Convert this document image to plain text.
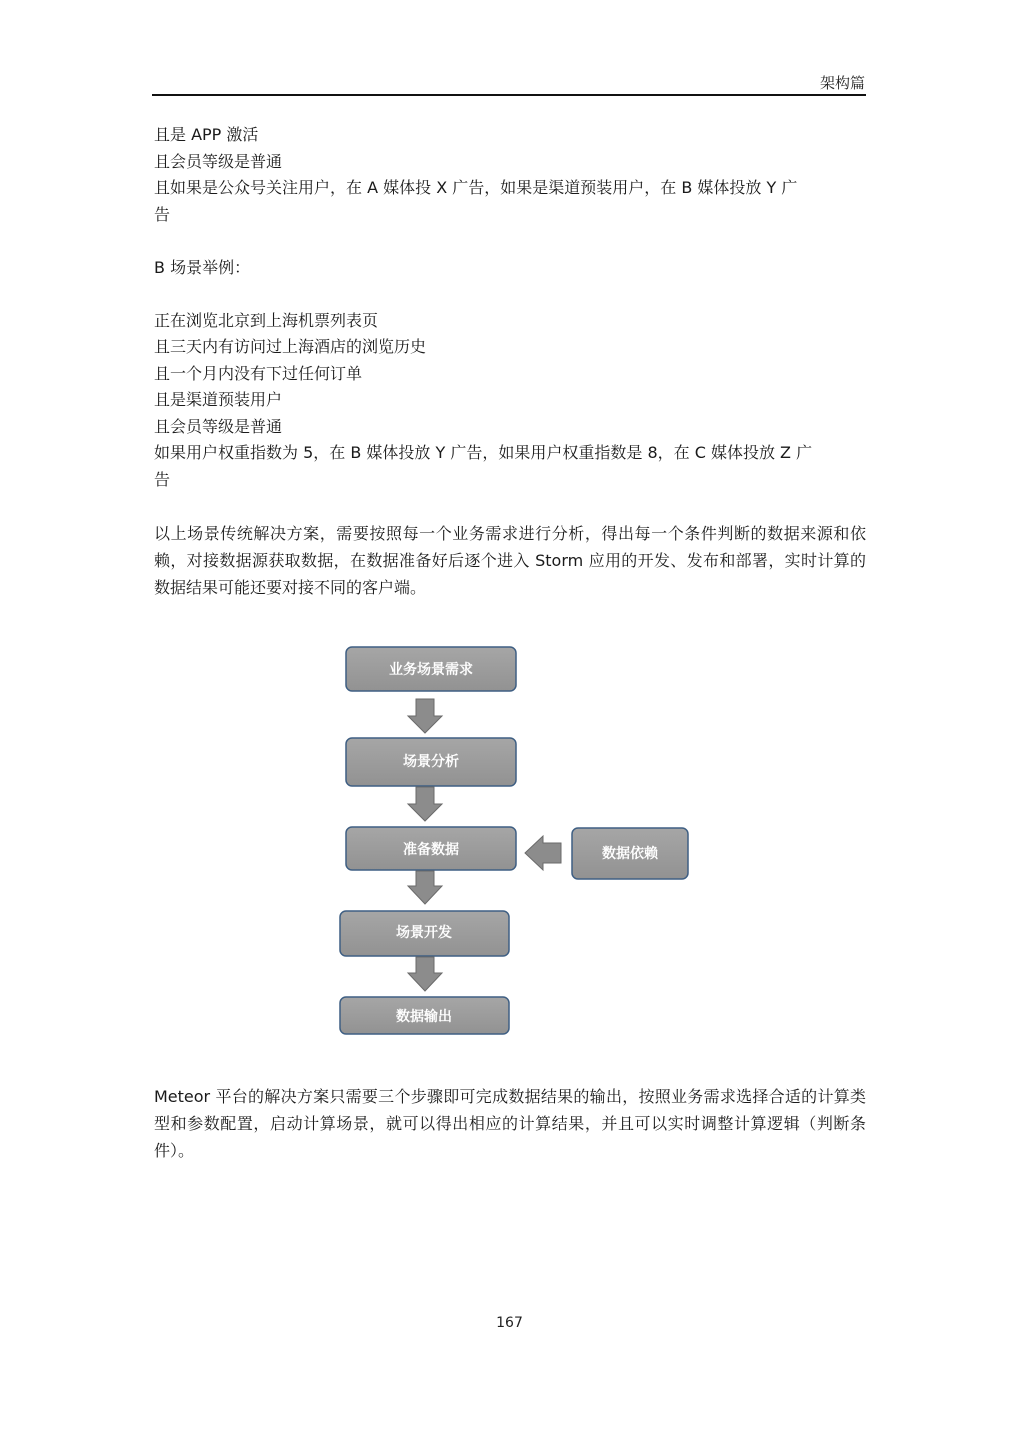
架构篇

且是 APP 激活

且会员等级是普通

且如果是公众号关注用户，在 A 媒体投 X 广告，如果是渠道预装用户，在 B 媒体投放 Y 广

告

B 场景举例：

正在浏览北京到上海机票列表页

且三天内有访问过上海酒店的浏览历史

且一个月内没有下过任何订单

且是渠道预装用户

且会员等级是普通

如果用户权重指数为 5，在 B 媒体投放 Y 广告，如果用户权重指数是 8，在 C 媒体投放 Z 广

告

以上场景传统解决方案，需要按照每一个业务需求进行分析，得出每一个条件判断的数据来源和依赖，对接数据源获取数据，在数据准备好后逐个进入 Storm 应用的开发、发布和部署，实时计算的数据结果可能还要对接不同的客户端。

业务场景需求
场景分析
准备数据	数据依赖
场景开发
数据输出

Meteor 平台的解决方案只需要三个步骤即可完成数据结果的输出，按照业务需求选择合适的计算类型和参数配置，启动计算场景，就可以得出相应的计算结果，并且可以实时调整计算逻辑（判断条件）。

167
